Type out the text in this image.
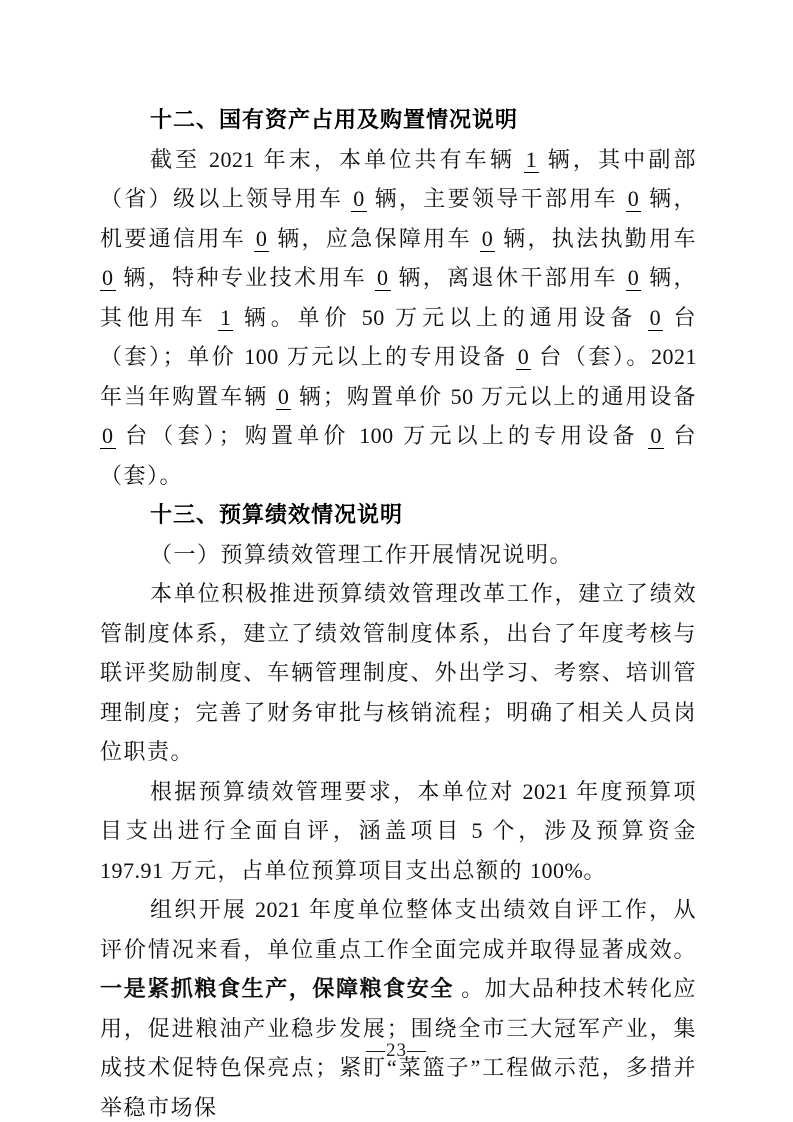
十二、国有资产占用及购置情况说明

截至 2021 年末，本单位共有车辆 1 辆，其中副部（省）级以上领导用车 0 辆，主要领导干部用车 0 辆，机要通信用车 0 辆，应急保障用车 0 辆，执法执勤用车 0 辆，特种专业技术用车 0 辆，离退休干部用车 0 辆，其他用车 1 辆。单价 50 万元以上的通用设备 0 台（套）；单价 100 万元以上的专用设备 0 台（套）。2021 年当年购置车辆 0 辆；购置单价 50 万元以上的通用设备 0 台（套）；购置单价 100 万元以上的专用设备 0 台（套）。

十三、预算绩效情况说明

（一）预算绩效管理工作开展情况说明。

本单位积极推进预算绩效管理改革工作，建立了绩效管制度体系，建立了绩效管制度体系，出台了年度考核与联评奖励制度、车辆管理制度、外出学习、考察、培训管理制度；完善了财务审批与核销流程；明确了相关人员岗位职责。

根据预算绩效管理要求，本单位对 2021 年度预算项目支出进行全面自评，涵盖项目 5 个，涉及预算资金 197.91 万元，占单位预算项目支出总额的 100%。

组织开展 2021 年度单位整体支出绩效自评工作，从评价情况来看，单位重点工作全面完成并取得显著成效。一是紧抓粮食生产，保障粮食安全 。加大品种技术转化应用，促进粮油产业稳步发展；围绕全市三大冠军产业，集成技术促特色保亮点；紧盯“菜篮子”工程做示范，多措并举稳市场保

—23—
